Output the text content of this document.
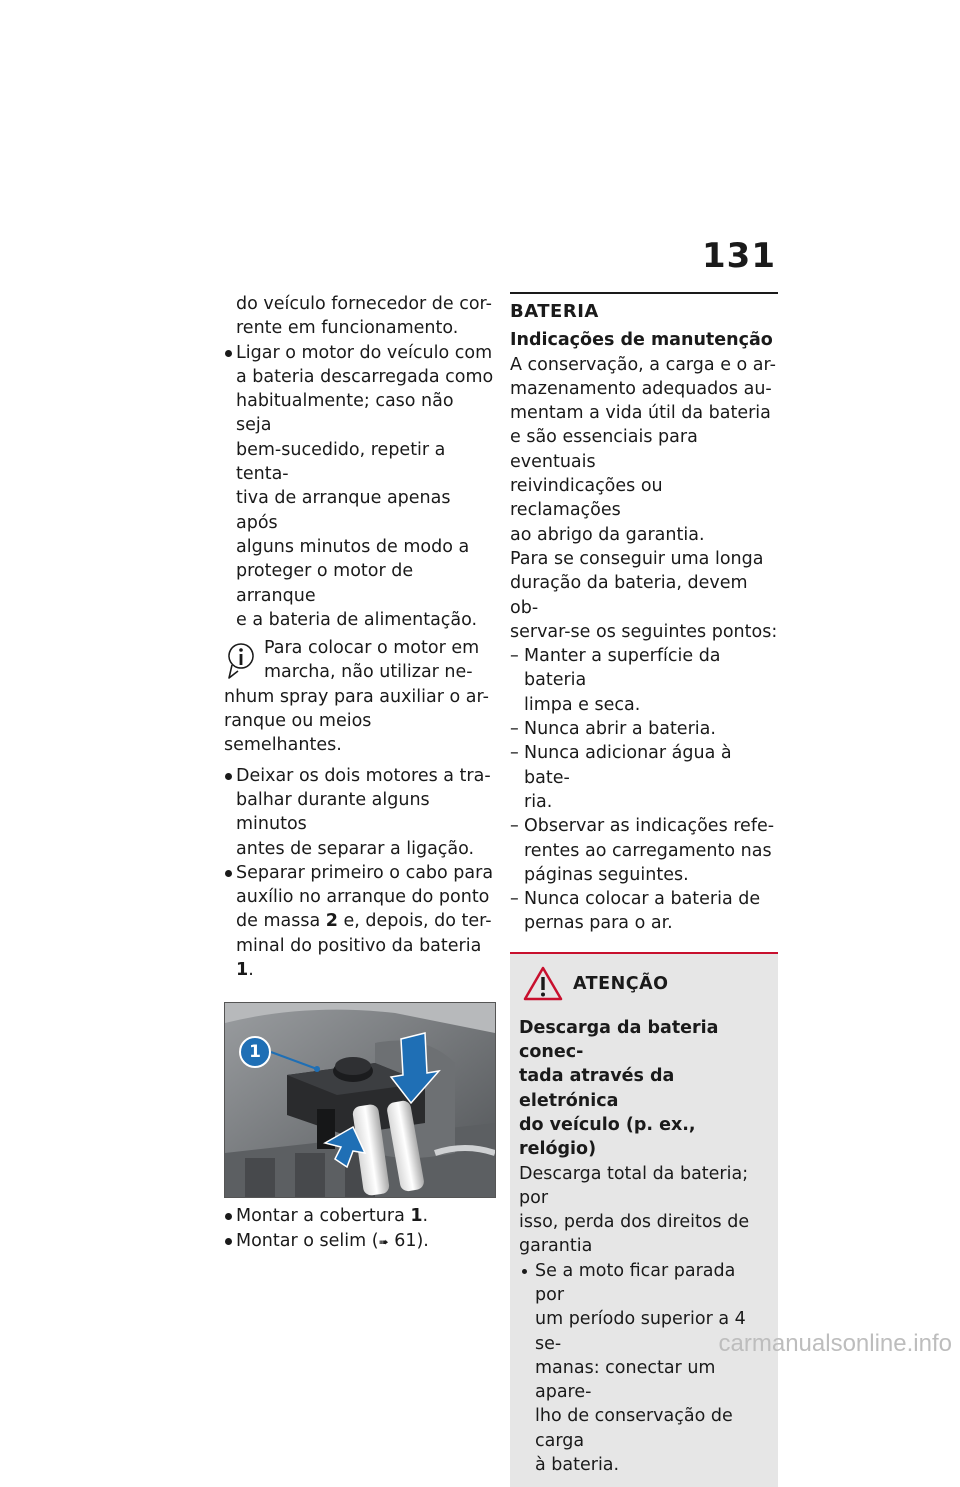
131

do veículo fornecedor de cor-
rente em funcionamento.

Ligar o motor do veículo com
a bateria descarregada como
habitualmente; caso não seja
bem-sucedido, repetir a tenta-
tiva de arranque apenas após
alguns minutos de modo a
proteger o motor de arranque
e a bateria de alimentação.

Para colocar o motor em
marcha, não utilizar ne-
nhum spray para auxiliar o ar-
ranque ou meios semelhantes.

Deixar os dois motores a tra-
balhar durante alguns minutos
antes de separar a ligação.

Separar primeiro o cabo para
auxílio no arranque do ponto
de massa 2 e, depois, do ter-
minal do positivo da bateria 1.

1

Montar a cobertura 1.

Montar o selim (➠ 61).

BATERIA

Indicações de manutenção

A conservação, a carga e o ar-
mazenamento adequados au-
mentam a vida útil da bateria
e são essenciais para eventuais
reivindicações ou reclamações
ao abrigo da garantia.

Para se conseguir uma longa
duração da bateria, devem ob-
servar-se os seguintes pontos:

– Manter a superfície da bateria
limpa e seca.

– Nunca abrir a bateria.

– Nunca adicionar água à bate-
ria.

– Observar as indicações refe-
rentes ao carregamento nas
páginas seguintes.

– Nunca colocar a bateria de
pernas para o ar.

ATENÇÃO

Descarga da bateria conec-
tada através da eletrónica
do veículo (p. ex., relógio)

Descarga total da bateria; por
isso, perda dos direitos de
garantia

Se a moto ficar parada por
um período superior a 4 se-
manas: conectar um apare-
lho de conservação de carga
à bateria.

carmanualsonline.info
